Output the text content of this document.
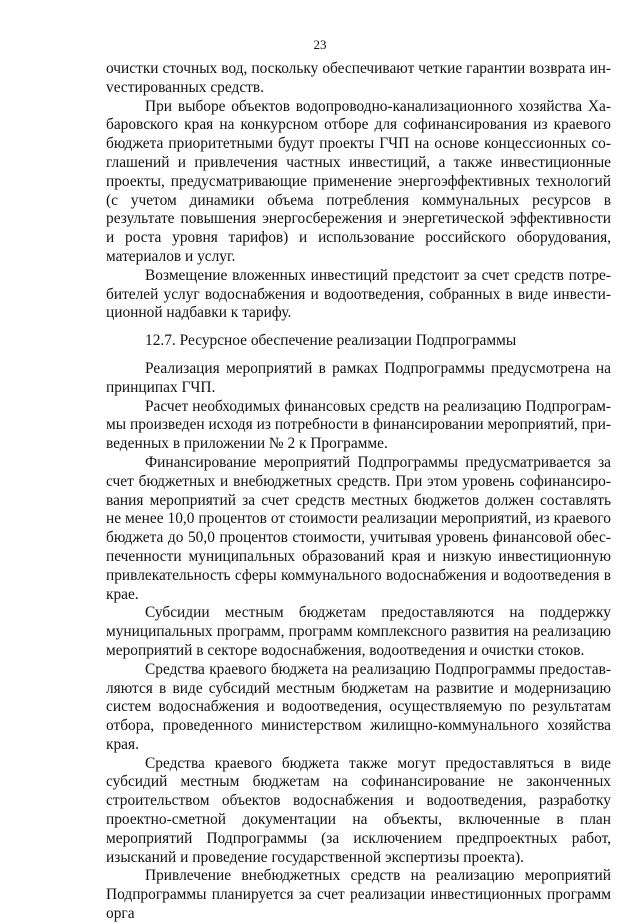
23

очистки сточных вод, поскольку обеспечивают четкие гарантии возврата инvестированных средств.

При выборе объектов водопроводно-канализационного хозяйства Хабаровского края на конкурсном отборе для софинансирования из краевого бюджета приоритетными будут проекты ГЧП на основе концессионных соглашений и привлечения частных инвестиций, а также инвестиционные проекты, предусматривающие применение энергоэффективных технологий (с учетом динамики объема потребления коммунальных ресурсов в результате повышения энергосбережения и энергетической эффективности и роста уровня тарифов) и использование российского оборудования, материалов и услуг.

Возмещение вложенных инвестиций предстоит за счет средств потребителей услуг водоснабжения и водоотведения, собранных в виде инвестиционной надбавки к тарифу.

12.7. Ресурсное обеспечение реализации Подпрограммы

Реализация мероприятий в рамках Подпрограммы предусмотрена на принципах ГЧП.

Расчет необходимых финансовых средств на реализацию Подпрограммы произведен исходя из потребности в финансировании мероприятий, приведенных в приложении № 2 к Программе.

Финансирование мероприятий Подпрограммы предусматривается за счет бюджетных и внебюджетных средств. При этом уровень софинансирования мероприятий за счет средств местных бюджетов должен составлять не менее 10,0 процентов от стоимости реализации мероприятий, из краевого бюджета до 50,0 процентов стоимости, учитывая уровень финансовой обеспеченности муниципальных образований края и низкую инвестиционную привлекательность сферы коммунального водоснабжения и водоотведения в крае.

Субсидии местным бюджетам предоставляются на поддержку муниципальных программ, программ комплексного развития на реализацию мероприятий в секторе водоснабжения, водоотведения и очистки стоков.

Средства краевого бюджета на реализацию Подпрограммы предоставляются в виде субсидий местным бюджетам на развитие и модернизацию систем водоснабжения и водоотведения, осуществляемую по результатам отбора, проведенного министерством жилищно-коммунального хозяйства края.

Средства краевого бюджета также могут предоставляться в виде субсидий местным бюджетам на софинансирование не законченных строительством объектов водоснабжения и водоотведения, разработку проектно-сметной документации на объекты, включенные в план мероприятий Подпрограммы (за исключением предпроектных работ, изысканий и проведение государственной экспертизы проекта).

Привлечение внебюджетных средств на реализацию мероприятий Подпрограммы планируется за счет реализации инвестиционных программ орга
